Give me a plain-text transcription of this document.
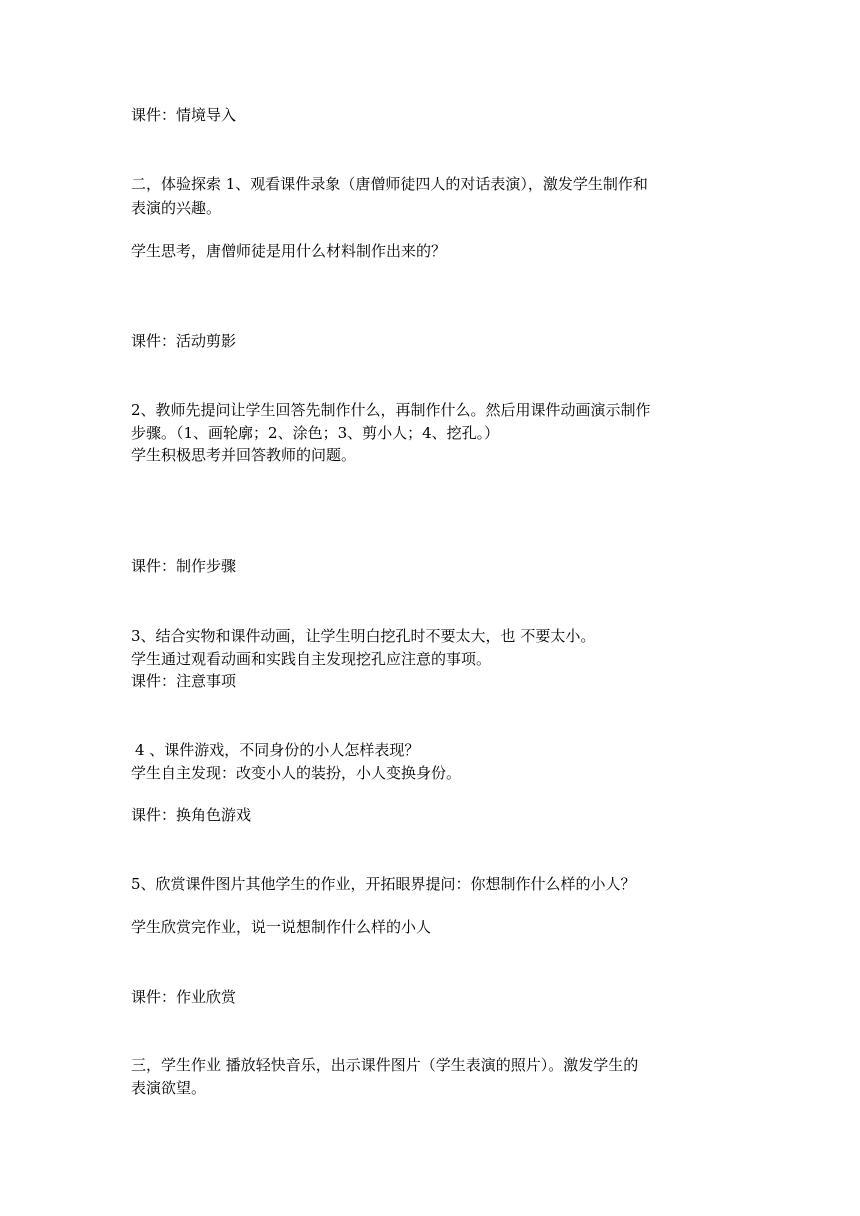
课件：情境导入
二，体验探索 1、观看课件录象（唐僧师徒四人的对话表演），激发学生制作和
表演的兴趣。
学生思考，唐僧师徒是用什么材料制作出来的？
课件：活动剪影
2、教师先提问让学生回答先制作什么，再制作什么。然后用课件动画演示制作
步骤。（1、画轮廓；2、涂色；3、剪小人；4、挖孔。）
学生积极思考并回答教师的问题。
课件：制作步骤
3、结合实物和课件动画，让学生明白挖孔时不要太大，也 不要太小。
学生通过观看动画和实践自主发现挖孔应注意的事项。
课件：注意事项
4 、课件游戏，不同身份的小人怎样表现？
学生自主发现：改变小人的装扮，小人变换身份。
课件：换角色游戏
5、欣赏课件图片其他学生的作业，开拓眼界提问：你想制作什么样的小人？
学生欣赏完作业，说一说想制作什么样的小人
课件：作业欣赏
三，学生作业 播放轻快音乐，出示课件图片（学生表演的照片）。激发学生的
表演欲望。
